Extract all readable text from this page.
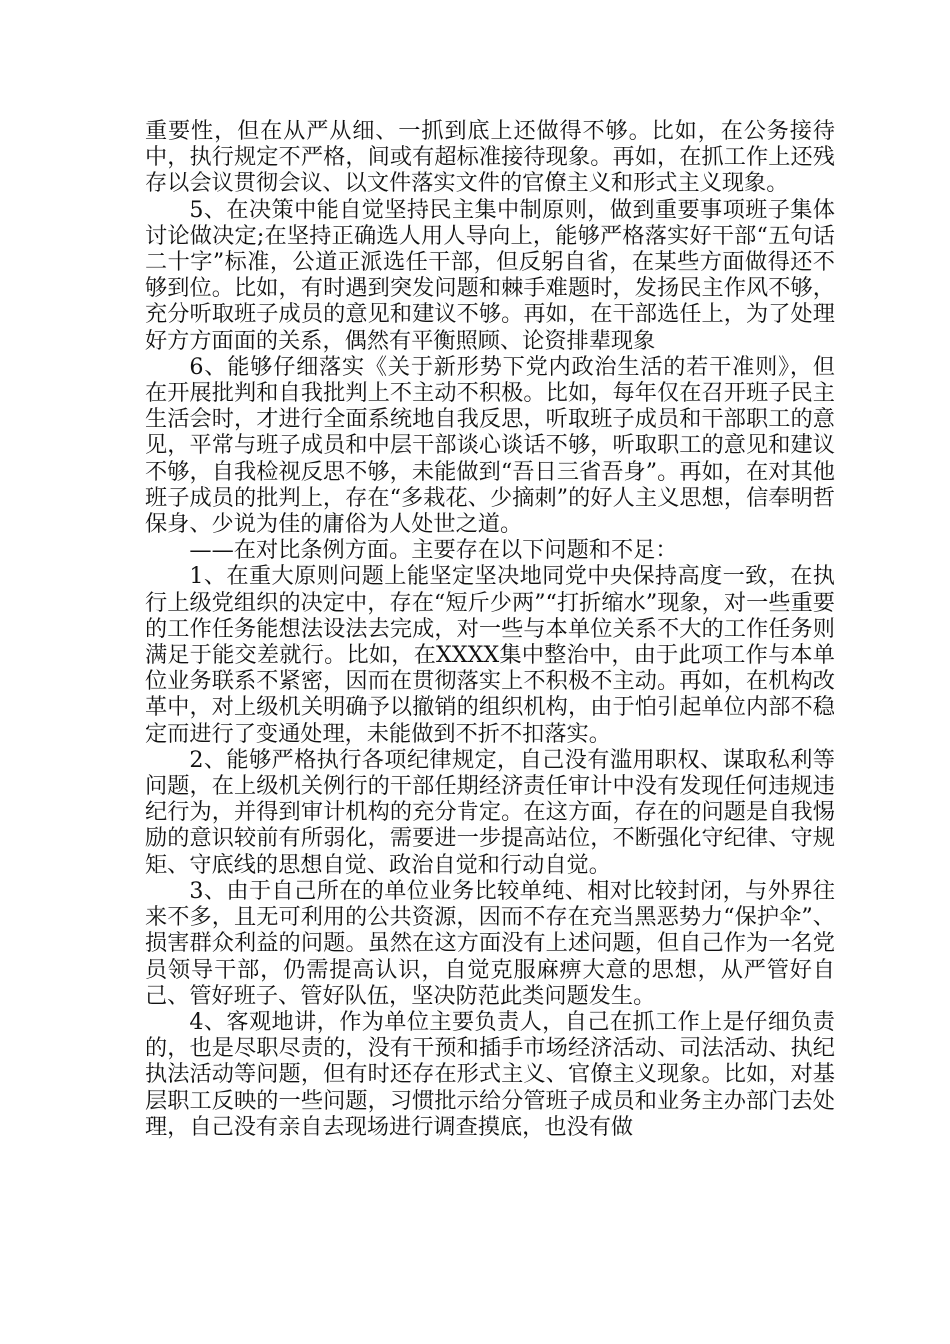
重要性，但在从严从细、一抓到底上还做得不够。比如，在公务接待中，执行规定不严格，间或有超标准接待现象。再如，在抓工作上还残存以会议贯彻会议、以文件落实文件的官僚主义和形式主义现象。

5、在决策中能自觉坚持民主集中制原则，做到重要事项班子集体讨论做决定;在坚持正确选人用人导向上，能够严格落实好干部“五句话二十字”标准，公道正派选任干部，但反躬自省，在某些方面做得还不够到位。比如，有时遇到突发问题和棘手难题时，发扬民主作风不够，充分听取班子成员的意见和建议不够。再如，在干部选任上，为了处理好方方面面的关系，偶然有平衡照顾、论资排辈现象

6、能够仔细落实《关于新形势下党内政治生活的若干准则》，但在开展批判和自我批判上不主动不积极。比如，每年仅在召开班子民主生活会时，才进行全面系统地自我反思，听取班子成员和干部职工的意见，平常与班子成员和中层干部谈心谈话不够，听取职工的意见和建议不够，自我检视反思不够，未能做到“吾日三省吾身”。再如，在对其他班子成员的批判上，存在“多栽花、少摘刺”的好人主义思想，信奉明哲保身、少说为佳的庸俗为人处世之道。

——在对比条例方面。主要存在以下问题和不足：

1、在重大原则问题上能坚定坚决地同党中央保持高度一致，在执行上级党组织的决定中，存在“短斤少两”“打折缩水”现象，对一些重要的工作任务能想法设法去完成，对一些与本单位关系不大的工作任务则满足于能交差就行。比如，在XXXX集中整治中，由于此项工作与本单位业务联系不紧密，因而在贯彻落实上不积极不主动。再如，在机构改革中，对上级机关明确予以撤销的组织机构，由于怕引起单位内部不稳定而进行了变通处理，未能做到不折不扣落实。

2、能够严格执行各项纪律规定，自己没有滥用职权、谋取私利等问题，在上级机关例行的干部任期经济责任审计中没有发现任何违规违纪行为，并得到审计机构的充分肯定。在这方面，存在的问题是自我惕励的意识较前有所弱化，需要进一步提高站位，不断强化守纪律、守规矩、守底线的思想自觉、政治自觉和行动自觉。

3、由于自己所在的单位业务比较单纯、相对比较封闭，与外界往来不多，且无可利用的公共资源，因而不存在充当黑恶势力“保护伞”、损害群众利益的问题。虽然在这方面没有上述问题，但自己作为一名党员领导干部，仍需提高认识，自觉克服麻痹大意的思想，从严管好自己、管好班子、管好队伍，坚决防范此类问题发生。

4、客观地讲，作为单位主要负责人，自己在抓工作上是仔细负责的，也是尽职尽责的，没有干预和插手市场经济活动、司法活动、执纪执法活动等问题，但有时还存在形式主义、官僚主义现象。比如，对基层职工反映的一些问题，习惯批示给分管班子成员和业务主办部门去处理，自己没有亲自去现场进行调查摸底，也没有做
